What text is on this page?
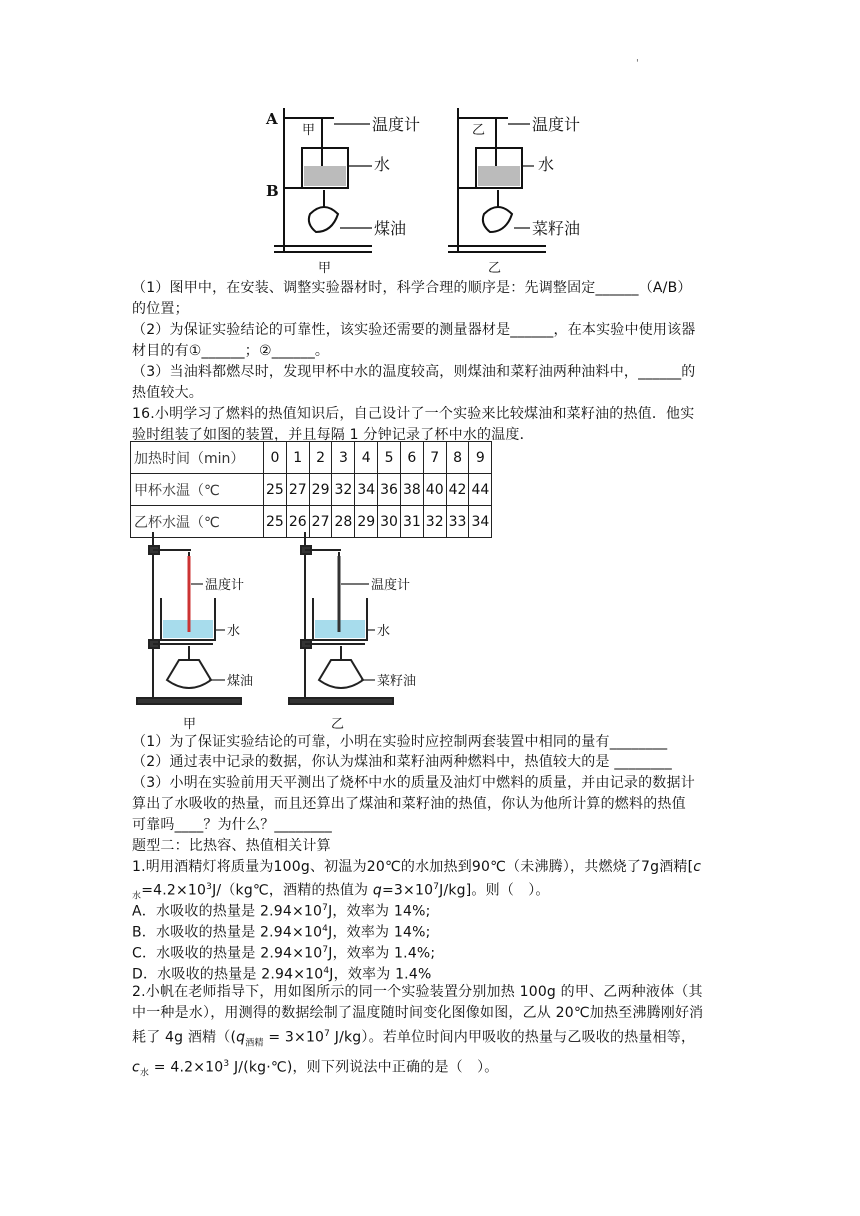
'
A
B
甲	乙
温度计
水
煤油
温度计
水
菜籽油
甲	乙
（1）图甲中，在安装、调整实验器材时，科学合理的顺序是：先调整固定______（A/B）
的位置；
（2）为保证实验结论的可靠性，该实验还需要的测量器材是______，在本实验中使用该器
材目的有①______；②______。
（3）当油料都燃尽时，发现甲杯中水的温度较高，则煤油和菜籽油两种油料中，______的
热值较大。
16.小明学习了燃料的热值知识后，自己设计了一个实验来比较煤油和菜籽油的热值．他实
验时组装了如图的装置，并且每隔 1 分钟记录了杯中水的温度．
加热时间（min）	0	1	2	3	4	5	6	7	8	9
甲杯水温（℃	25	27	29	32	34	36	38	40	42	44
乙杯水温（℃	25	26	27	28	29	30	31	32	33	34
温度计
水
煤油
温度计
水
菜籽油
甲	乙
（1）为了保证实验结论的可靠，小明在实验时应控制两套装置中相同的量有________
（2）通过表中记录的数据，你认为煤油和菜籽油两种燃料中，热值较大的是 ________
（3）小明在实验前用天平测出了烧杯中水的质量及油灯中燃料的质量，并由记录的数据计
算出了水吸收的热量，而且还算出了煤油和菜籽油的热值，你认为他所计算的燃料的热值
可靠吗____？为什么？________
题型二：比热容、热值相关计算
1.明用酒精灯将质量为100g、初温为20℃的水加热到90℃（未沸腾），共燃烧了7g酒精[c
$_水=4.2\times 10^3J/(kg℃$，酒精的热值为 $q=3\times 10^7J/kg$]。则（　）。
A．水吸收的热量是 $2.94\times 10^7J$，效率为 14%;
B．水吸收的热量是 $2.94\times 10^4J$，效率为 14%;
C．水吸收的热量是 $2.94\times 10^7J$，效率为 1.4%;
D．水吸收的热量是 $2.94\times 10^4J$，效率为 1.4%
2.小帆在老师指导下，用如图所示的同一个实验装置分别加热 100g 的甲、乙两种液体（其
中一种是水），用测得的数据绘制了温度随时间变化图像如图，乙从 20℃加热至沸腾刚好消
耗了 4g 酒精（($q_{酒精} = 3\times 10^7$ J/kg）。若单位时间内甲吸收的热量与乙吸收的热量相等，
$c_水 = 4.2\times 10^3$ J/(kg·℃)，则下列说法中正确的是（　）。
